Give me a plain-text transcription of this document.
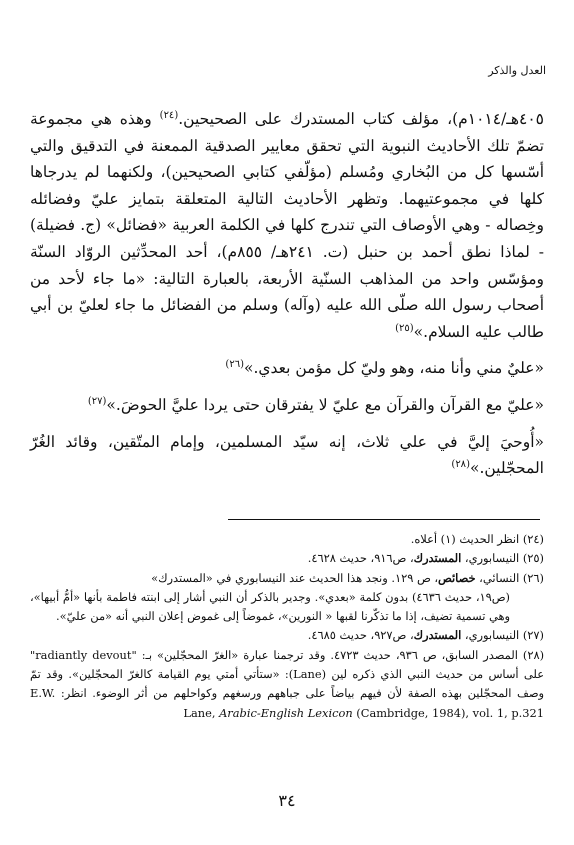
العدل والذكر

٤٠٥هـ/١٠١٤م)، مؤلف كتاب المستدرك على الصحيحين.$^{(٢٤)}$ وهذه هي مجموعة تضمّ تلك الأحاديث النبوية التي تحقق معايير الصدقية الممعنة في التدقيق والتي أسّسها كل من البُخاري ومُسلم (مؤلّفي كتابي الصحيحين)، ولكنهما لم يدرجاها كلها في مجموعتيهما. وتظهر الأحاديث التالية المتعلقة بتمايز عليّ وفضائله وخِصاله - وهي الأوصاف التي تندرج كلها في الكلمة العربية «فضائل» (ج. فضيلة) - لماذا نطق أحمد بن حنبل (ت. ٢٤١هـ/ ٨٥٥م)، أحد المحدِّثين الروّاد السنّة ومؤسّس واحد من المذاهب السنّية الأربعة، بالعبارة التالية: «ما جاء لأحد من أصحاب رسول الله صلّى الله عليه (وآله) وسلم من الفضائل ما جاء لعليّ بن أبي طالب عليه السلام.»$^{(٢٥)}$

«عليٌ مني وأنا منه، وهو وليّ كل مؤمن بعدي.»$^{(٢٦)}$

«عليّ مع القرآن والقرآن مع عليّ لا يفترقان حتى يردا عليَّ الحوضَ.»$^{(٢٧)}$

«أُوحيَ إليَّ في علي ثلاث، إنه سيّد المسلمين، وإمام المتّقين، وقائد الغُرّ المحجّلين.»$^{(٢٨)}$

(٢٤) انظر الحديث (١) أعلاه.

(٢٥) النيسابوري، المستدرك، ص٩١٦، حديث ٤٦٢٨.

(٢٦) النسائي، خصائص، ص ١٢٩. ونجد هذا الحديث عند النيسابوري في «المستدرك»

(ص١٩، حديث ٤٦٣٦) بدون كلمة «بعدي». وجدير بالذكر أن النبي أشار إلى ابنته فاطمة بأنها «أمُّ أبيها»، وهي تسمية تضيف، إذا ما تذكّرنا لقبها « النورين»، غموضاً إلى غموض إعلان النبي أنه «من عليّ».

(٢٧) النيسابوري، المستدرك، ص٩٢٧، حديث ٤٦٨٥.

(٢٨) المصدر السابق، ص ٩٣٦، حديث ٤٧٢٣. وقد ترجمنا عبارة «الغرّ المحجّلين» بـ: "radiantly devout" على أساس من حديث النبي الذي ذكره لين (Lane): «ستأتي أمتي يوم القيامة كالغرّ المحجّلين». وقد تمّ وصف المحجّلين بهذه الصفة لأن فيهم بياضاً على جباههم ورسغهم وكواحلهم من أثر الوضوء. انظر: E.W. Lane, Arabic-English Lexicon (Cambridge, 1984), vol. 1, p.321

٣٤
